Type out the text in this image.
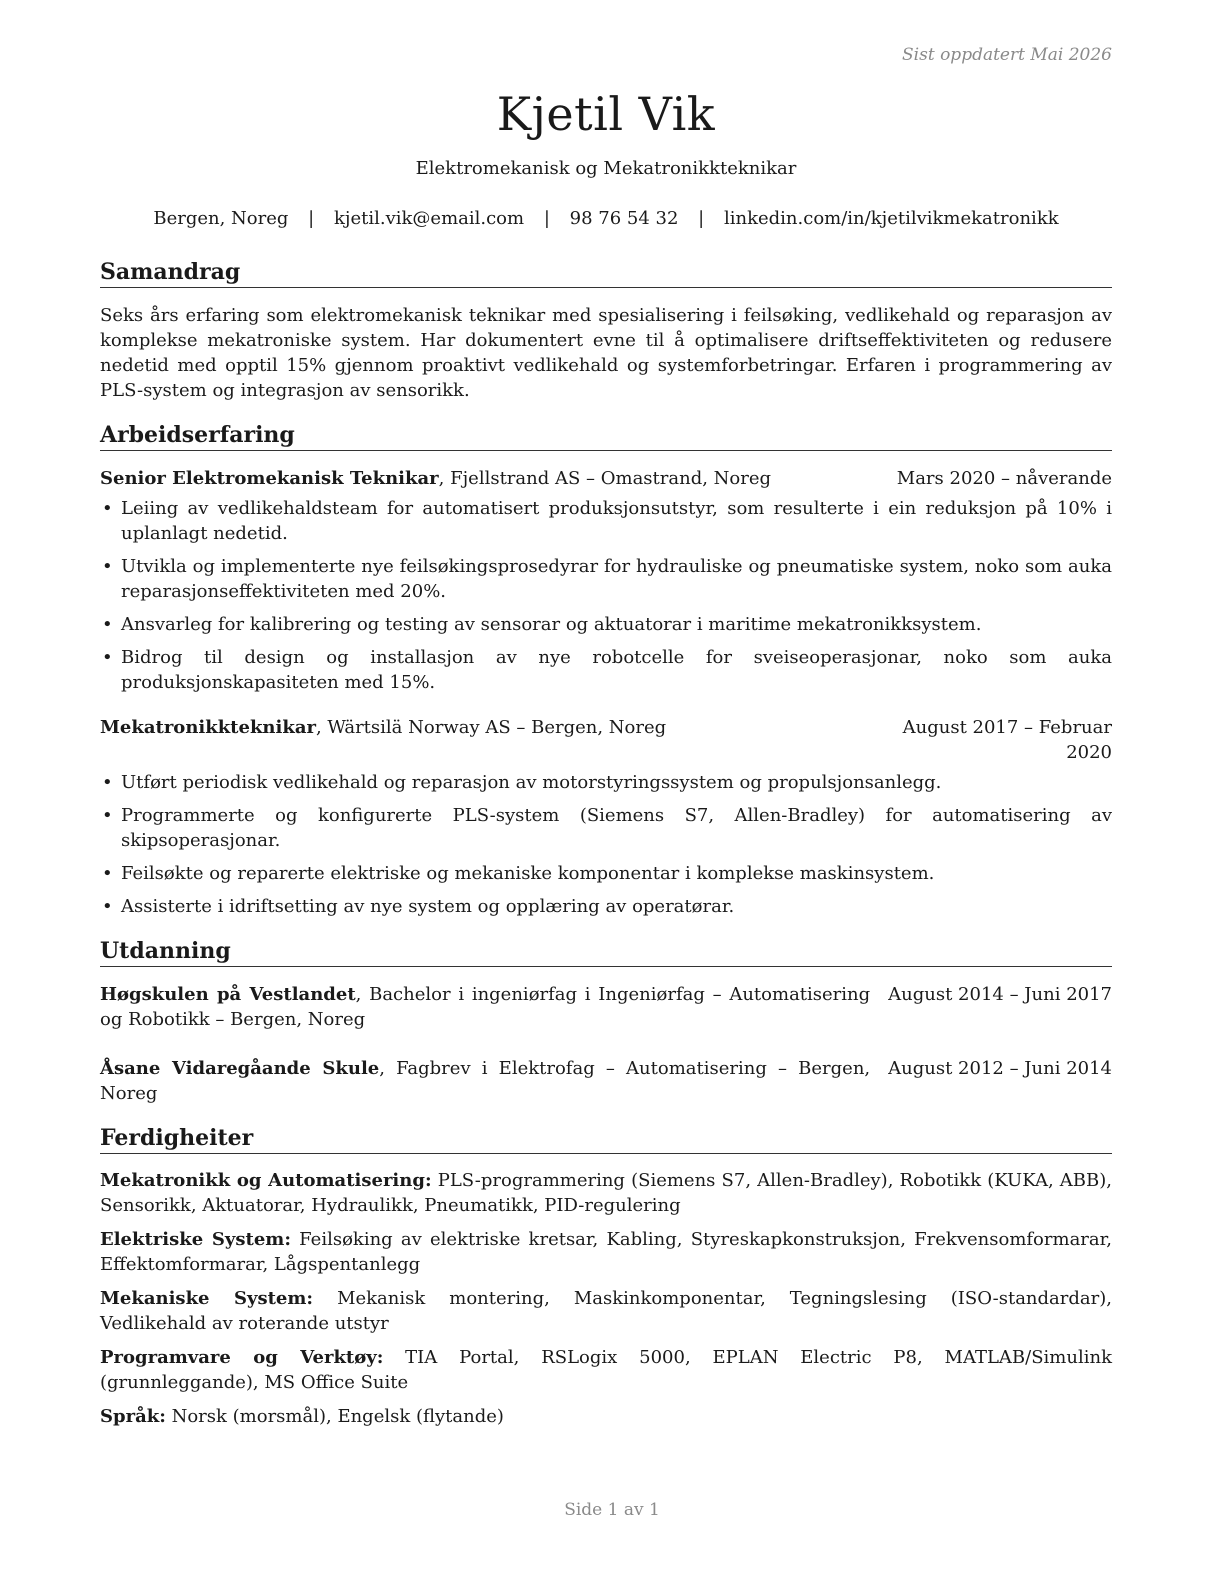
Sist oppdatert Mai 2026
Kjetil Vik
Elektromekanisk og Mekatronikkteknikar
Bergen, Noreg | kjetil.vik@email.com | 98 76 54 32 | linkedin.com/in/kjetilvikmekatronikk
Samandrag

Seks års erfaring som elektromekanisk teknikar med spesialisering i feilsøking, vedlikehald og reparasjon av komplekse mekatroniske system. Har dokumentert evne til å optimalisere driftseffektiviteten og redusere nedetid med opptil 15% gjennom proaktivt vedlikehald og systemforbetringar. Erfaren i programmering av PLS-system og integrasjon av sensorikk.

Arbeidserfaring
Senior Elektromekanisk Teknikar, Fjellstrand AS – Omastrand, Noreg	Mars 2020 – nåverande
• Leiing av vedlikehaldsteam for automatisert produksjonsutstyr, som resulterte i ein reduksjon på 10% i uplanlagt nedetid.
• Utvikla og implementerte nye feilsøkingsprosedyrar for hydrauliske og pneumatiske system, noko som auka reparasjonseffektiviteten med 20%.
• Ansvarleg for kalibrering og testing av sensorar og aktuatorar i maritime mekatronikksystem.
• Bidrog til design og installasjon av nye robotcelle for sveiseoperasjonar, noko som auka produksjonskapasiteten med 15%.
Mekatronikkteknikar, Wärtsilä Norway AS – Bergen, Noreg	August 2017 – Februar 2020
• Utført periodisk vedlikehald og reparasjon av motorstyringssystem og propulsjonsanlegg.
• Programmerte og konfigurerte PLS-system (Siemens S7, Allen-Bradley) for automatisering av skipsoperasjonar.
• Feilsøkte og reparerte elektriske og mekaniske komponentar i komplekse maskinsystem.
• Assisterte i idriftsetting av nye system og opplæring av operatørar.
Utdanning
Høgskulen på Vestlandet, Bachelor i ingeniørfag i Ingeniørfag – Automatisering og Robotikk – Bergen, Noreg
August 2014 – Juni 2017
Åsane Vidaregåande Skule, Fagbrev i Elektrofag – Automatisering – Bergen, Noreg
August 2012 – Juni 2014
Ferdigheiter
Mekatronikk og Automatisering: PLS-programmering (Siemens S7, Allen-Bradley), Robotikk (KUKA, ABB), Sensorikk, Aktuatorar, Hydraulikk, Pneumatikk, PID-regulering
Elektriske System: Feilsøking av elektriske kretsar, Kabling, Styreskapkonstruksjon, Frekvensomformarar, Effektomformarar, Lågspentanlegg
Mekaniske System: Mekanisk montering, Maskinkomponentar, Tegningslesing (ISO-standardar), Vedlikehald av roterande utstyr
Programvare og Verktøy: TIA Portal, RSLogix 5000, EPLAN Electric P8, MATLAB/Simulink (grunnleggande), MS Office Suite
Språk: Norsk (morsmål), Engelsk (flytande)
Side 1 av 1
